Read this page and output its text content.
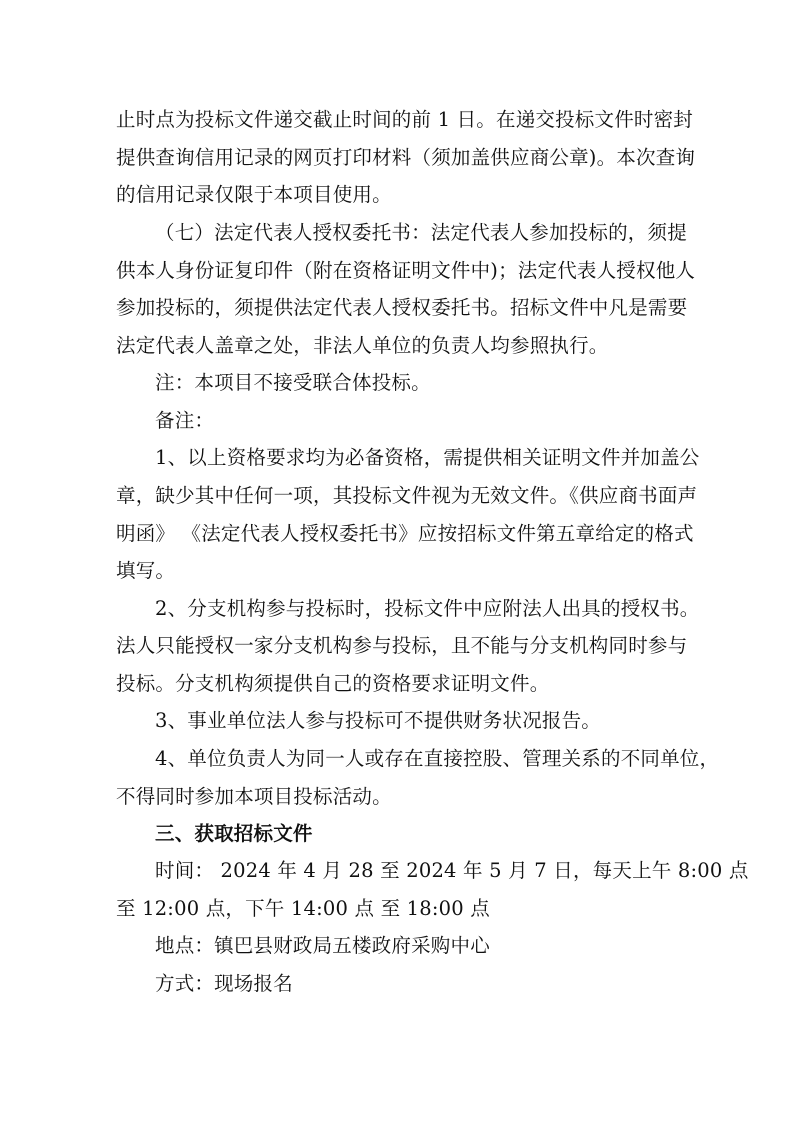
止时点为投标文件递交截止时间的前 1 日。在递交投标文件时密封
提供查询信用记录的网页打印材料（须加盖供应商公章)。本次查询
的信用记录仅限于本项目使用。
（七）法定代表人授权委托书：法定代表人参加投标的，须提
供本人身份证复印件（附在资格证明文件中)；法定代表人授权他人
参加投标的，须提供法定代表人授权委托书。招标文件中凡是需要
法定代表人盖章之处，非法人单位的负责人均参照执行。
注：本项目不接受联合体投标。
备注：
1、以上资格要求均为必备资格，需提供相关证明文件并加盖公
章，缺少其中任何一项，其投标文件视为无效文件。《供应商书面声
明函》 《法定代表人授权委托书》应按招标文件第五章给定的格式
填写。
2、分支机构参与投标时，投标文件中应附法人出具的授权书。
法人只能授权一家分支机构参与投标，且不能与分支机构同时参与
投标。分支机构须提供自己的资格要求证明文件。
3、事业单位法人参与投标可不提供财务状况报告。
4、单位负责人为同一人或存在直接控股、管理关系的不同单位，
不得同时参加本项目投标活动。
三、获取招标文件
时间： 2024 年 4 月 28 至 2024 年 5 月 7 日，每天上午 8:00 点
至 12:00 点，下午 14:00 点 至 18:00 点
地点：镇巴县财政局五楼政府采购中心
方式：现场报名
